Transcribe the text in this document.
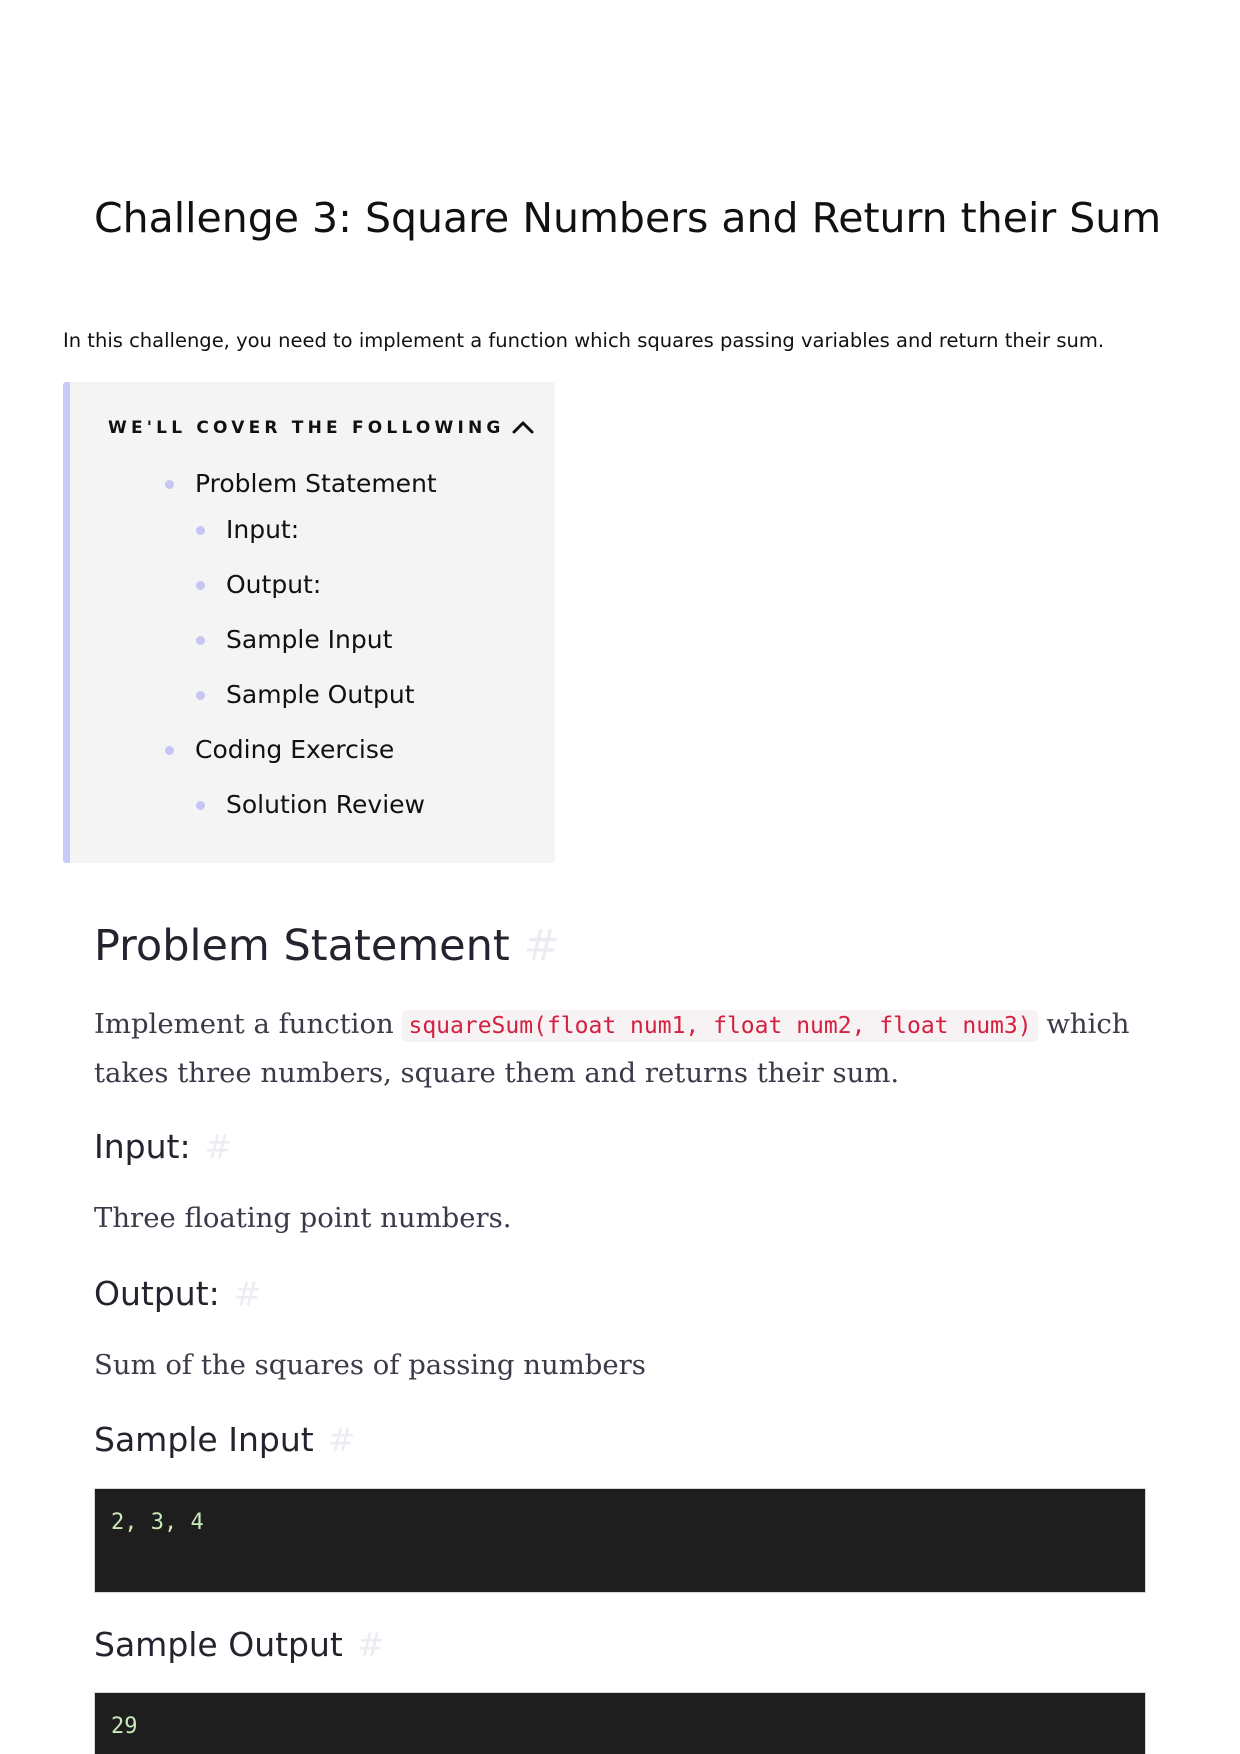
Challenge 3: Square Numbers and Return their Sum

In this challenge, you need to implement a function which squares passing variables and return their sum.

WE'LL COVER THE FOLLOWING
Problem Statement
Input:
Output:
Sample Input
Sample Output
Coding Exercise
Solution Review
Problem Statement #

Implement a function squareSum(float num1, float num2, float num3) which takes three numbers, square them and returns their sum.

Input: #

Three floating point numbers.

Output: #

Sum of the squares of passing numbers

Sample Input #
2, 3, 4
Sample Output #
29
